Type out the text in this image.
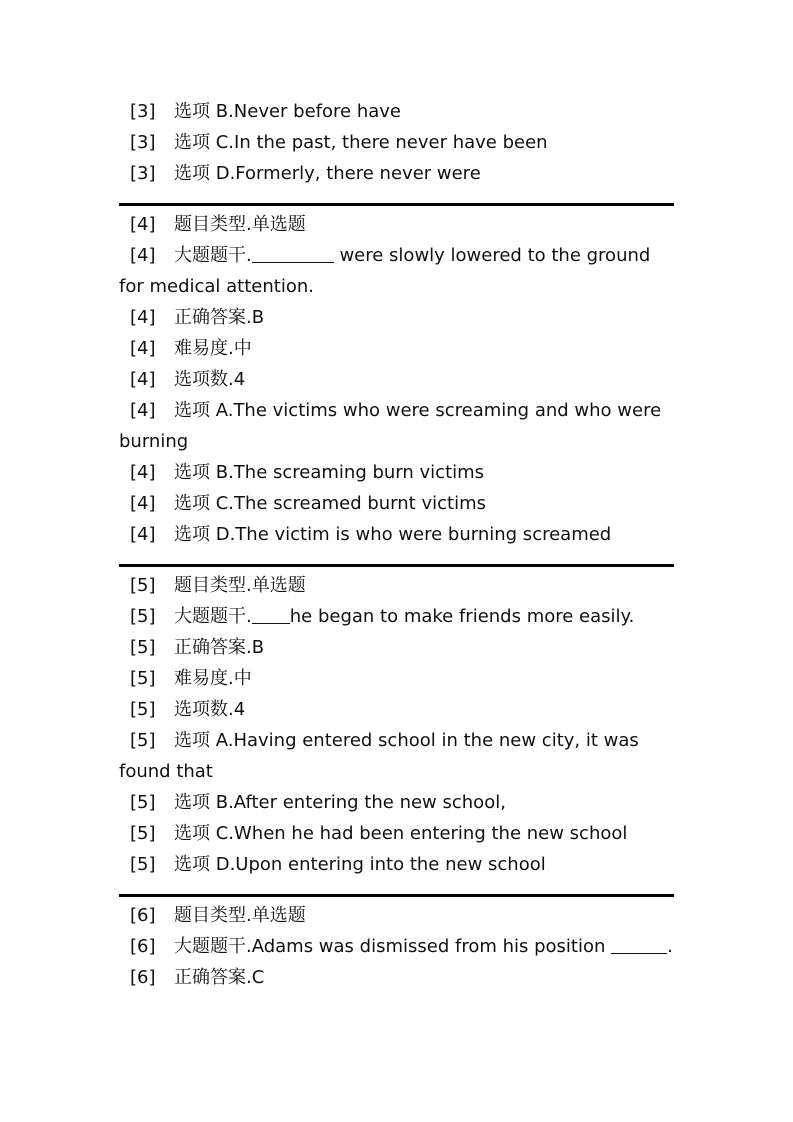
[3] 选项 B.Never before have
[3] 选项 C.In the past, there never have been
[3] 选项 D.Formerly, there never were
[4] 题目类型.单选题
[4] 大题题干.	were slowly lowered to the ground for medical attention.
[4] 正确答案.B
[4] 难易度.中
[4] 选项数.4
[4] 选项 A.The victims who were screaming and who were burning
[4] 选项 B.The screaming burn victims
[4] 选项 C.The screamed burnt victims
[4] 选项 D.The victim is who were burning screamed
[5] 题目类型.单选题
[5] 大题题干. he began to make friends more easily.
[5] 正确答案.B
[5] 难易度.中
[5] 选项数.4
[5] 选项 A.Having entered school in the new city, it was found that
[5] 选项 B.After entering the new school,
[5] 选项 C.When he had been entering the new school
[5] 选项 D.Upon entering into the new school
[6] 题目类型.单选题
[6] 大题题干.Adams was dismissed from his position	.
[6] 正确答案.C
